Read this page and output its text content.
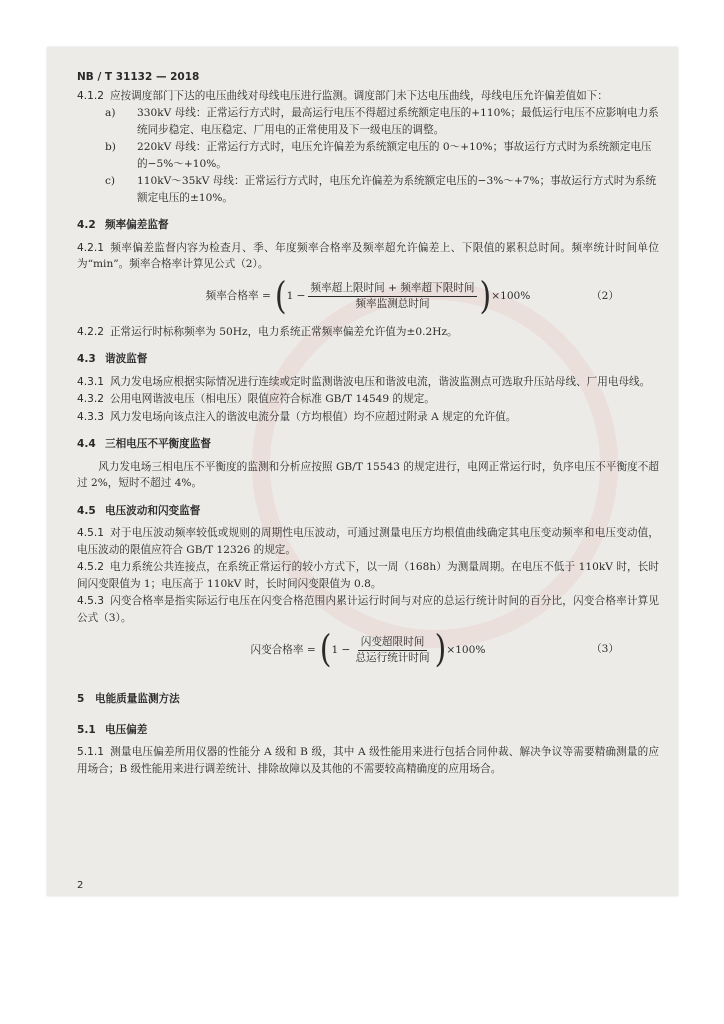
NB / T 31132 — 2018

4.1.2 应按调度部门下达的电压曲线对母线电压进行监测。调度部门未下达电压曲线，母线电压允许偏差值如下：

a) 330kV 母线：正常运行方式时，最高运行电压不得超过系统额定电压的+110%；最低运行电压不应影响电力系统同步稳定、电压稳定、厂用电的正常使用及下一级电压的调整。
b) 220kV 母线：正常运行方式时，电压允许偏差为系统额定电压的 0～+10%；事故运行方式时为系统额定电压的−5%～+10%。
c) 110kV～35kV 母线：正常运行方式时，电压允许偏差为系统额定电压的−3%～+7%；事故运行方式时为系统额定电压的±10%。
4.2 频率偏差监督

4.2.1 频率偏差监督内容为检查月、季、年度频率合格率及频率超允许偏差上、下限值的累积总时间。频率统计时间单位为“min”。频率合格率计算见公式（2）。

频率合格率 = ( $1 - \frac{\text{频率超上限时间 + 频率超下限时间}}{\text{频率监测总时间}}$ ) ×100%	（2）

4.2.2 正常运行时标称频率为 50Hz，电力系统正常频率偏差允许值为±0.2Hz。

4.3 谐波监督

4.3.1 风力发电场应根据实际情况进行连续或定时监测谐波电压和谐波电流，谐波监测点可选取升压站母线、厂用电母线。

4.3.2 公用电网谐波电压（相电压）限值应符合标准 GB/T 14549 的规定。

4.3.3 风力发电场向该点注入的谐波电流分量（方均根值）均不应超过附录 A 规定的允许值。

4.4 三相电压不平衡度监督

风力发电场三相电压不平衡度的监测和分析应按照 GB/T 15543 的规定进行，电网正常运行时，负序电压不平衡度不超过 2%，短时不超过 4%。

4.5 电压波动和闪变监督

4.5.1 对于电压波动频率较低或规则的周期性电压波动，可通过测量电压方均根值曲线确定其电压变动频率和电压变动值，电压波动的限值应符合 GB/T 12326 的规定。

4.5.2 电力系统公共连接点，在系统正常运行的较小方式下，以一周（168h）为测量周期。在电压不低于 110kV 时，长时间闪变限值为 1；电压高于 110kV 时，长时间闪变限值为 0.8。

4.5.3 闪变合格率是指实际运行电压在闪变合格范围内累计运行时间与对应的总运行统计时间的百分比，闪变合格率计算见公式（3）。

闪变合格率 = ( $1 - \frac{\text{闪变超限时间}}{\text{总运行统计时间}}$ ) ×100%	（3）
5 电能质量监测方法
5.1 电压偏差

5.1.1 测量电压偏差所用仪器的性能分 A 级和 B 级，其中 A 级性能用来进行包括合同仲裁、解决争议等需要精确测量的应用场合；B 级性能用来进行调差统计、排除故障以及其他的不需要较高精确度的应用场合。

2
